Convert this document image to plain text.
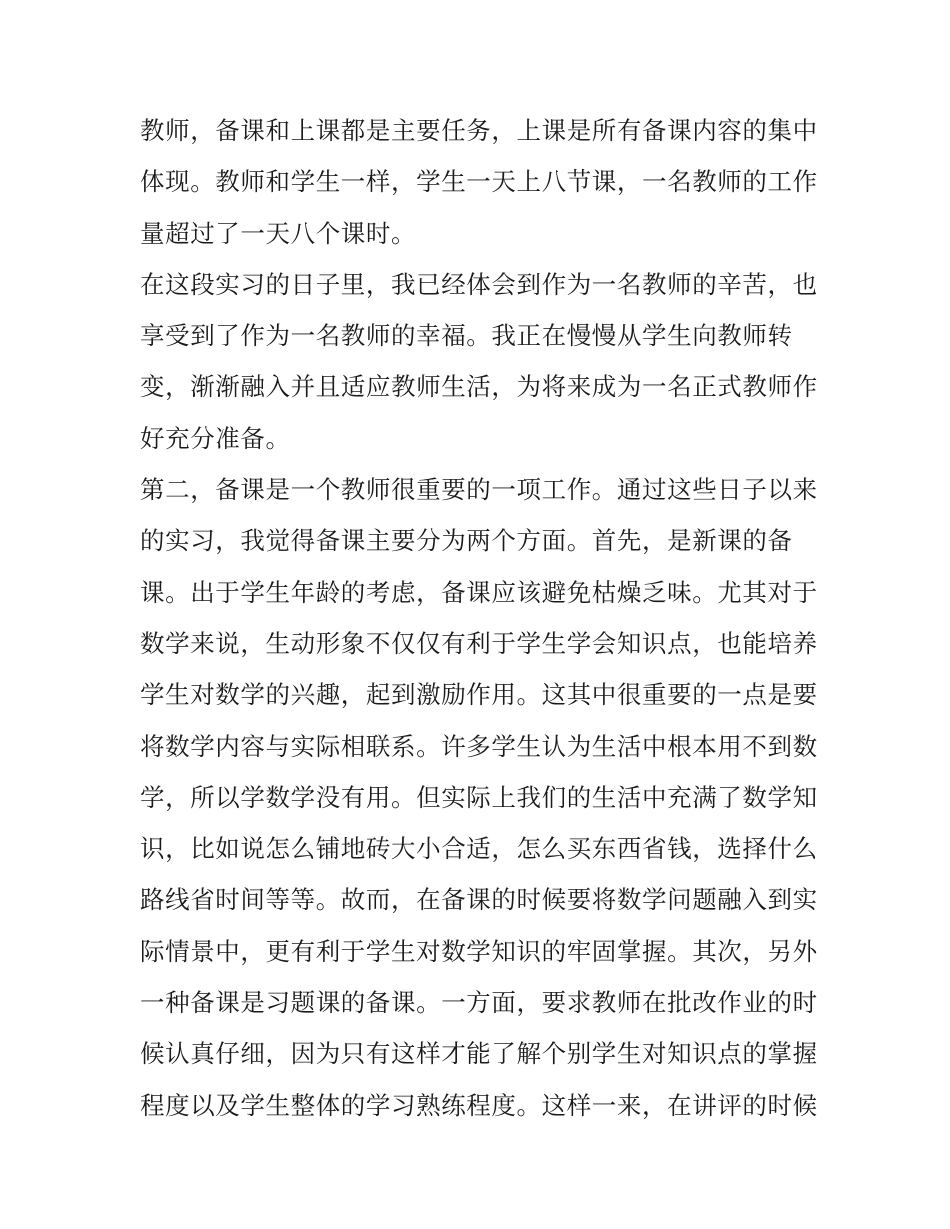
教师，备课和上课都是主要任务，上课是所有备课内容的集中
体现。教师和学生一样，学生一天上八节课，一名教师的工作
量超过了一天八个课时。
在这段实习的日子里，我已经体会到作为一名教师的辛苦，也
享受到了作为一名教师的幸福。我正在慢慢从学生向教师转
变，渐渐融入并且适应教师生活，为将来成为一名正式教师作
好充分准备。
第二，备课是一个教师很重要的一项工作。通过这些日子以来
的实习，我觉得备课主要分为两个方面。首先，是新课的备
课。出于学生年龄的考虑，备课应该避免枯燥乏味。尤其对于
数学来说，生动形象不仅仅有利于学生学会知识点，也能培养
学生对数学的兴趣，起到激励作用。这其中很重要的一点是要
将数学内容与实际相联系。许多学生认为生活中根本用不到数
学，所以学数学没有用。但实际上我们的生活中充满了数学知
识，比如说怎么铺地砖大小合适，怎么买东西省钱，选择什么
路线省时间等等。故而，在备课的时候要将数学问题融入到实
际情景中，更有利于学生对数学知识的牢固掌握。其次，另外
一种备课是习题课的备课。一方面，要求教师在批改作业的时
候认真仔细，因为只有这样才能了解个别学生对知识点的掌握
程度以及学生整体的学习熟练程度。这样一来，在讲评的时候
